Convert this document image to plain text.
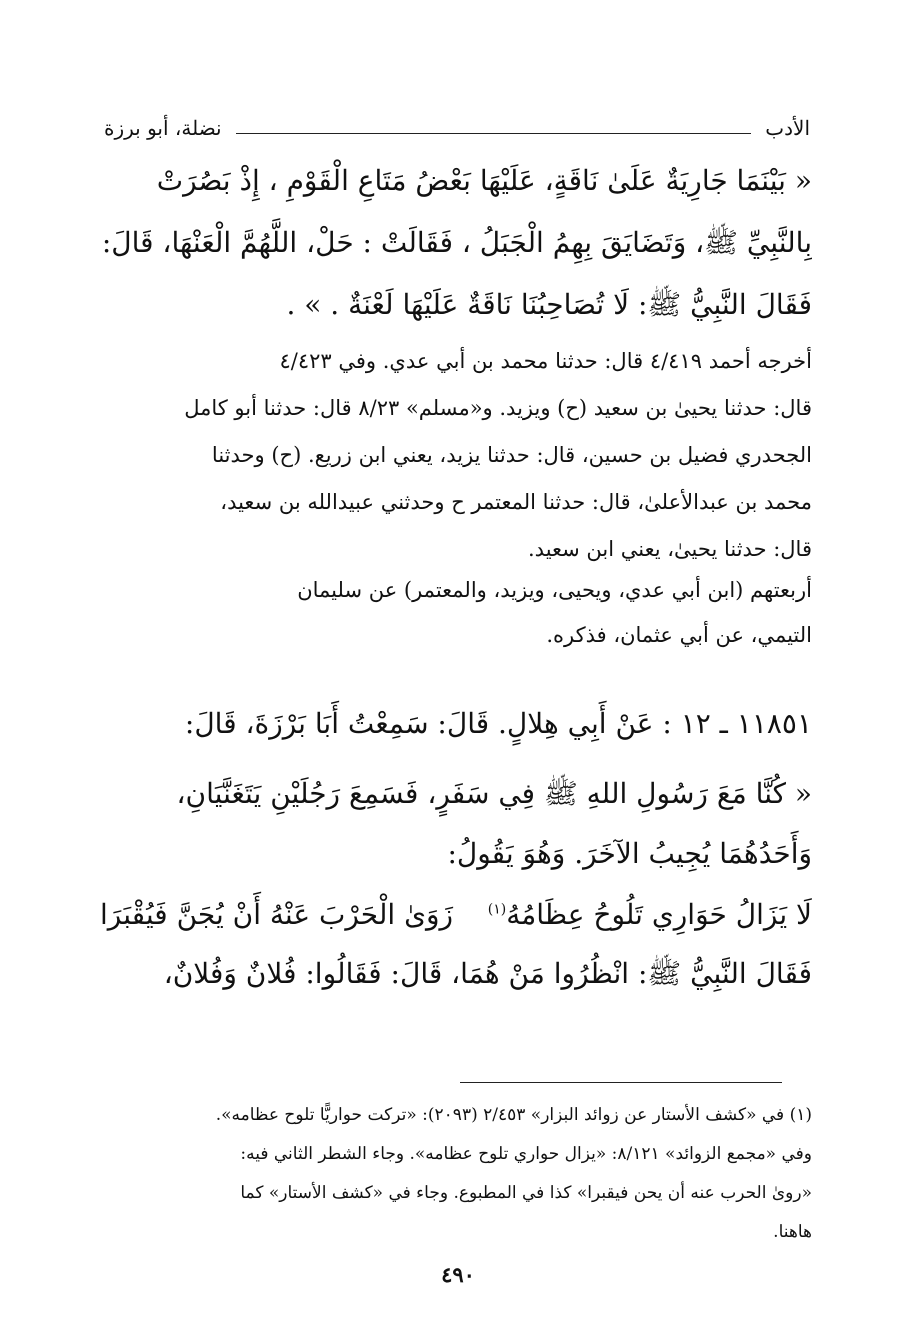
الأدب
نضلة، أبو برزة
« بَيْنَمَا جَارِيَةٌ عَلَىٰ نَاقَةٍ، عَلَيْهَا بَعْضُ مَتَاعِ الْقَوْمِ ، إِذْ بَصُرَتْ
بِالنَّبِيِّ ﷺ، وَتَضَايَقَ بِهِمُ الْجَبَلُ ، فَقَالَتْ : حَلْ، اللَّهُمَّ الْعَنْهَا، قَالَ:
فَقَالَ النَّبِيُّ ﷺ: لَا تُصَاحِبُنَا نَاقَةٌ عَلَيْهَا لَعْنَةٌ . » .
أخرجه أحمد ٤/٤١٩ قال: حدثنا محمد بن أبي عدي. وفي ٤/٤٢٣
قال: حدثنا يحيىٰ بن سعيد (ح) ويزيد. و«مسلم» ٨/٢٣ قال: حدثنا أبو كامل
الجحدري فضيل بن حسين، قال: حدثنا يزيد، يعني ابن زريع. (ح) وحدثنا
محمد بن عبدالأعلىٰ، قال: حدثنا المعتمر ح وحدثني عبيدالله بن سعيد،
قال: حدثنا يحيىٰ، يعني ابن سعيد.
أربعتهم (ابن أبي عدي، ويحيى، ويزيد، والمعتمر) عن سليمان
التيمي، عن أبي عثمان، فذكره.
١١٨٥١ ـ ١٢ : عَنْ أَبِي هِلالٍ. قَالَ: سَمِعْتُ أَبَا بَرْزَةَ، قَالَ:
« كُنَّا مَعَ رَسُولِ اللهِ ﷺ فِي سَفَرٍ، فَسَمِعَ رَجُلَيْنِ يَتَغَنَّيَانِ،
وَأَحَدُهُمَا يُجِيبُ الآخَرَ. وَهُوَ يَقُولُ:
لَا يَزَالُ حَوَارِي تَلُوحُ عِظَامُهُ$^{(١)}$
زَوَىٰ الْحَرْبَ عَنْهُ أَنْ يُجَنَّ فَيُقْبَرَا
فَقَالَ النَّبِيُّ ﷺ: انْظُرُوا مَنْ هُمَا، قَالَ: فَقَالُوا: فُلانٌ وَفُلانٌ،
(١) في «كشف الأستار عن زوائد البزار» ٢/٤٥٣ (٢٠٩٣): «تركت حواريًّا تلوح عظامه».
وفي «مجمع الزوائد» ٨/١٢١: «يزال حواري تلوح عظامه». وجاء الشطر الثاني فيه:
«روىٰ الحرب عنه أن يحن فيقبرا» كذا في المطبوع. وجاء في «كشف الأستار» كما
هاهنا.
٤٩٠
